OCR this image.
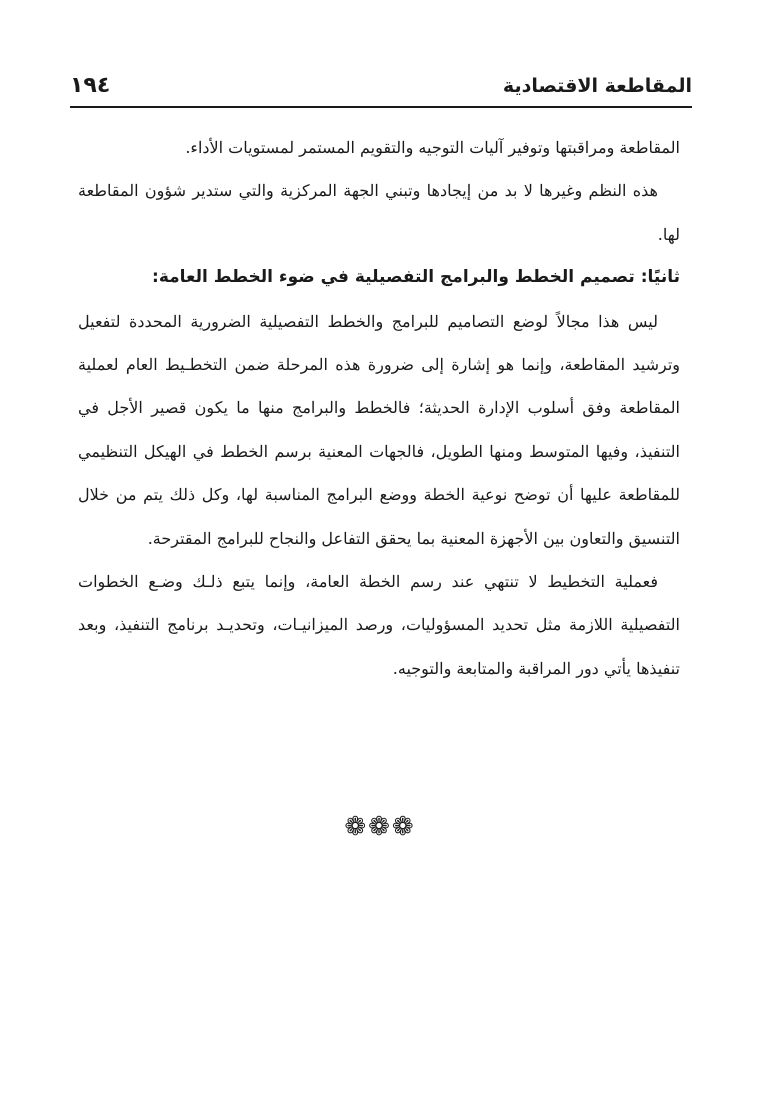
المقاطعة الاقتصادية
١٩٤

المقاطعة ومراقبتها وتوفير آليات التوجيه والتقويم المستمر لمستويات الأداء.

هذه النظم وغيرها لا بد من إيجادها وتبني الجهة المركزية والتي ستدير شؤون المقاطعة لها.

ثانيًا: تصميم الخطط والبرامج التفصيلية في ضوء الخطط العامة:

ليس هذا مجالاً لوضع التصاميم للبرامج والخطط التفصيلية الضرورية المحددة لتفعيل وترشيد المقاطعة، وإنما هو إشارة إلى ضرورة هذه المرحلة ضمن التخطـيط العام لعملية المقاطعة وفق أسلوب الإدارة الحديثة؛ فالخطط والبرامج منها ما يكون قصير الأجل في التنفيذ، وفيها المتوسط ومنها الطويل، فالجهات المعنية برسم الخطط في الهيكل التنظيمي للمقاطعة عليها أن توضح نوعية الخطة ووضع البرامج المناسبة لها، وكل ذلك يتم من خلال التنسيق والتعاون بين الأجهزة المعنية بما يحقق التفاعل والنجاح للبرامج المقترحة.

فعملية التخطيط لا تنتهي عند رسم الخطة العامة، وإنما يتبع ذلـك وضـع الخطوات التفصيلية اللازمة مثل تحديد المسؤوليات، ورصد الميزانيـات، وتحديـد برنامج التنفيذ، وبعد تنفيذها يأتي دور المراقبة والمتابعة والتوجيه.

❁❁❁
